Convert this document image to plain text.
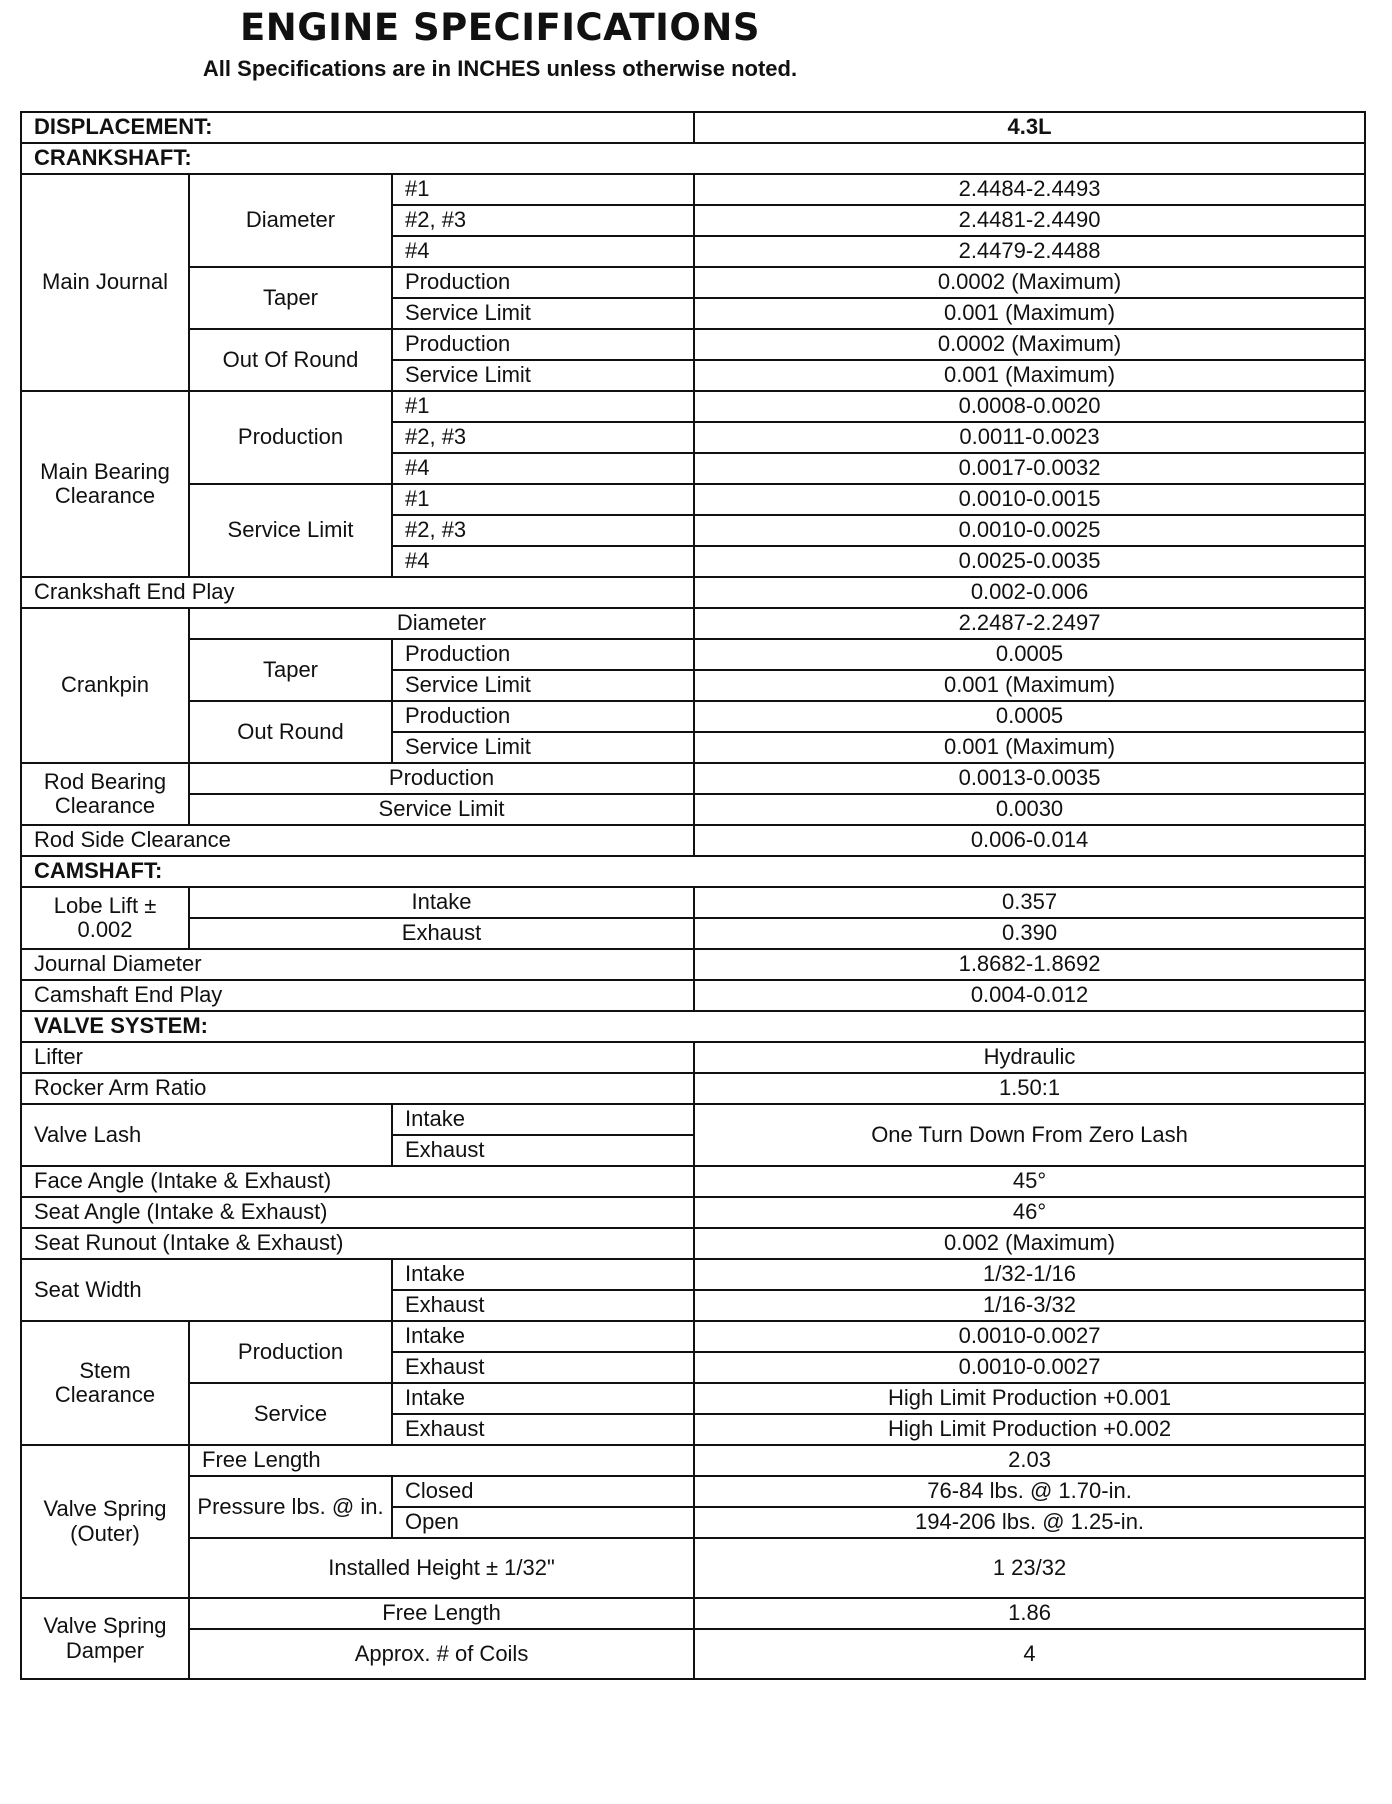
ENGINE SPECIFICATIONS

All Specifications are in INCHES unless otherwise noted.

DISPLACEMENT:			4.3L
CRANKSHAFT:			
Main Journal	Diameter	#1	2.4484-2.4493
		#2, #3	2.4481-2.4490
		#4	2.4479-2.4488
	Taper	Production	0.0002 (Maximum)
		Service Limit	0.001 (Maximum)
	Out Of Round	Production	0.0002 (Maximum)
		Service Limit	0.001 (Maximum)
Main Bearing Clearance	Production	#1	0.0008-0.0020
		#2, #3	0.0011-0.0023
		#4	0.0017-0.0032
	Service Limit	#1	0.0010-0.0015
		#2, #3	0.0010-0.0025
		#4	0.0025-0.0035
Crankshaft End Play			0.002-0.006
Crankpin	Diameter		2.2487-2.2497
	Taper	Production	0.0005
		Service Limit	0.001 (Maximum)
	Out Round	Production	0.0005
		Service Limit	0.001 (Maximum)
Rod Bearing Clearance	Production		0.0013-0.0035
	Service Limit		0.0030
Rod Side Clearance			0.006-0.014
CAMSHAFT:			
Lobe Lift ± 0.002	Intake		0.357
	Exhaust		0.390
Journal Diameter			1.8682-1.8692
Camshaft End Play			0.004-0.012
VALVE SYSTEM:			
Lifter			Hydraulic
Rocker Arm Ratio			1.50:1
Valve Lash		Intake	One Turn Down From Zero Lash
		Exhaust	
Face Angle (Intake & Exhaust)			45°
Seat Angle (Intake & Exhaust)			46°
Seat Runout (Intake & Exhaust)			0.002 (Maximum)
Seat Width		Intake	1/32-1/16
		Exhaust	1/16-3/32
Stem Clearance	Production	Intake	0.0010-0.0027
		Exhaust	0.0010-0.0027
	Service	Intake	High Limit Production +0.001
		Exhaust	High Limit Production +0.002
Valve Spring (Outer)	Free Length		2.03
	Pressure lbs. @ in.	Closed	76-84 lbs. @ 1.70-in.
		Open	194-206 lbs. @ 1.25-in.
	Installed Height ± 1/32"		1 23/32
Valve Spring Damper	Free Length		1.86
	Approx. # of Coils		4
